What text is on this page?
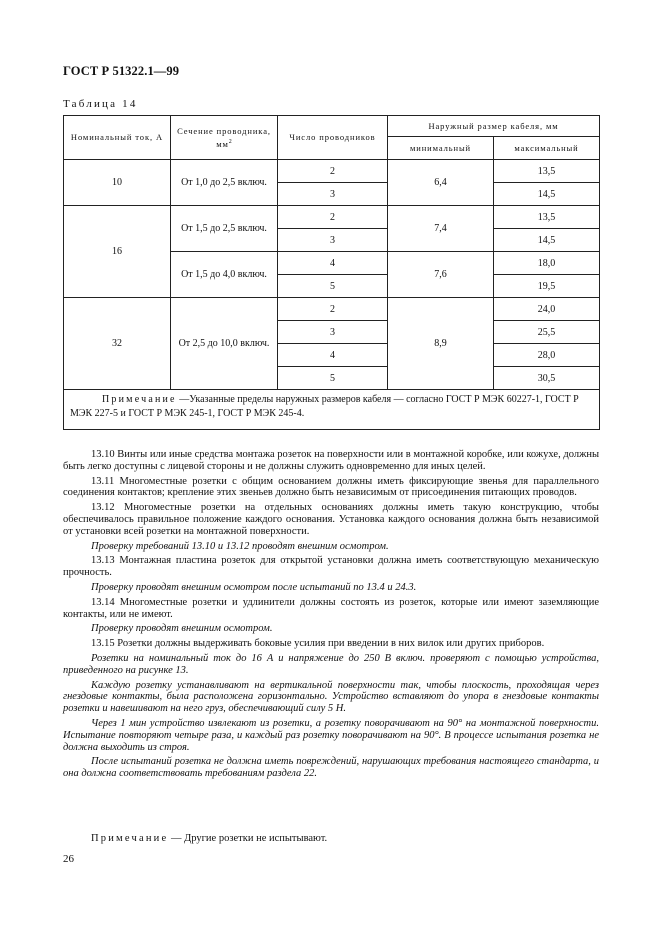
ГОСТ Р 51322.1—99
Таблица 14
Номинальный ток, А	Сечение проводника, $мм^2$	Число проводников	Наружный размер кабеля, мм	
			минимальный	максимальный
10	От 1,0 до 2,5 включ.	2	6,4	13,5
		3		14,5
16	От 1,5 до 2,5 включ.	2	7,4	13,5
		3		14,5
	От 1,5 до 4,0 включ.	4	7,6	18,0
		5		19,5
32	От 2,5 до 10,0 включ.	2	8,9	24,0
		3		25,5
		4		28,0
		5		30,5
Примечание —Указанные пределы наружных размеров кабеля — согласно ГОСТ Р МЭК 60227-1, ГОСТ Р МЭК 227-5 и ГОСТ Р МЭК 245-1, ГОСТ Р МЭК 245-4.				

13.10 Винты или иные средства монтажа розеток на поверхности или в монтажной коробке, или кожухе, должны быть легко доступны с лицевой стороны и не должны служить одновременно для иных целей.

13.11 Многоместные розетки с общим основанием должны иметь фиксирующие звенья для параллельного соединения контактов; крепление этих звеньев должно быть независимым от присоединения питающих проводов.

13.12 Многоместные розетки на отдельных основаниях должны иметь такую конструкцию, чтобы обеспечивалось правильное положение каждого основания. Установка каждого основания должна быть независимой от установки всей розетки на монтажной поверхности.

Проверку требований 13.10 и 13.12 проводят внешним осмотром.

13.13 Монтажная пластина розеток для открытой установки должна иметь соответствующую механическую прочность.

Проверку проводят внешним осмотром после испытаний по 13.4 и 24.3.

13.14 Многоместные розетки и удлинители должны состоять из розеток, которые или имеют заземляющие контакты, или не имеют.

Проверку проводят внешним осмотром.

13.15 Розетки должны выдерживать боковые усилия при введении в них вилок или других приборов.

Розетки на номинальный ток до 16 А и напряжение до 250 В включ. проверяют с помощью устройства, приведенного на рисунке 13.

Каждую розетку устанавливают на вертикальной поверхности так, чтобы плоскость, проходящая через гнездовые контакты, была расположена горизонтально. Устройство вставляют до упора в гнездовые контакты розетки и навешивают на него груз, обеспечивающий силу 5 Н.

Через 1 мин устройство извлекают из розетки, а розетку поворачивают на 90° на монтажной поверхности. Испытание повторяют четыре раза, и каждый раз розетку поворачивают на 90°. В процессе испытания розетка не должна выходить из строя.

После испытаний розетка не должна иметь повреждений, нарушающих требования настоящего стандарта, и она должна соответствовать требованиям раздела 22.

Примечание — Другие розетки не испытывают.

26
